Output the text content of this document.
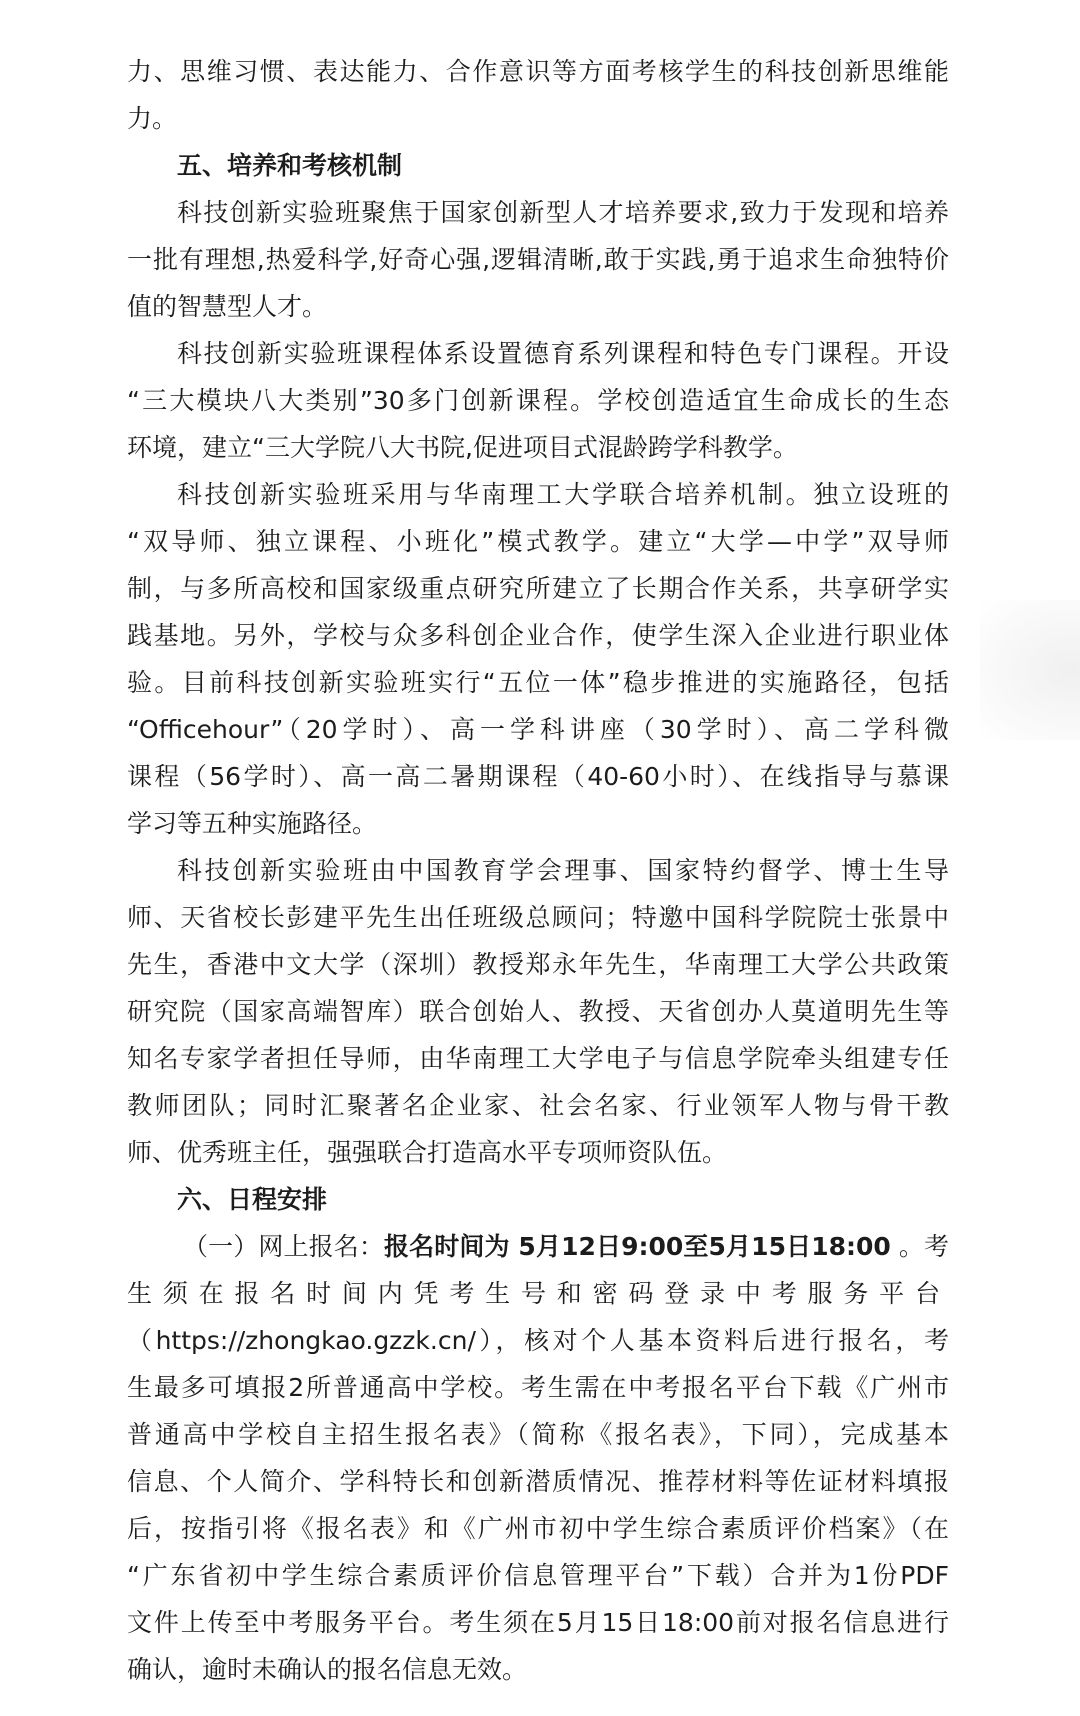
力、思维习惯、表达能力、合作意识等方面考核学生的科技创新思维能
力。
五、培养和考核机制
科技创新实验班聚焦于国家创新型人才培养要求,致力于发现和培养
一批有理想,热爱科学,好奇心强,逻辑清晰,敢于实践,勇于追求生命独特价
值的智慧型人才。
科技创新实验班课程体系设置德育系列课程和特色专门课程。开设
“三大模块八大类别”30多门创新课程。学校创造适宜生命成长的生态
环境，建立“三大学院八大书院,促进项目式混龄跨学科教学。
科技创新实验班采用与华南理工大学联合培养机制。独立设班的
“双导师、独立课程、小班化”模式教学。建立“大学—中学”双导师
制，与多所高校和国家级重点研究所建立了长期合作关系，共享研学实
践基地。另外，学校与众多科创企业合作，使学生深入企业进行职业体
验。目前科技创新实验班实行“五位一体”稳步推进的实施路径，包括
“Officehour”（20学时）、高一学科讲座（30学时）、高二学科微
课程（56学时）、高一高二暑期课程（40-60小时）、在线指导与慕课
学习等五种实施路径。
科技创新实验班由中国教育学会理事、国家特约督学、博士生导
师、天省校长彭建平先生出任班级总顾问；特邀中国科学院院士张景中
先生，香港中文大学（深圳）教授郑永年先生，华南理工大学公共政策
研究院（国家高端智库）联合创始人、教授、天省创办人莫道明先生等
知名专家学者担任导师，由华南理工大学电子与信息学院牵头组建专任
教师团队；同时汇聚著名企业家、社会名家、行业领军人物与骨干教
师、优秀班主任，强强联合打造高水平专项师资队伍。
六、日程安排
（一）网上报名：报名时间为 5月12日9:00至5月15日18:00 。考
生须在报名时间内凭考生号和密码登录中考服务平台
（https://zhongkao.gzzk.cn/），核对个人基本资料后进行报名，考
生最多可填报2所普通高中学校。考生需在中考报名平台下载《广州市
普通高中学校自主招生报名表》（简称《报名表》，下同），完成基本
信息、个人简介、学科特长和创新潜质情况、推荐材料等佐证材料填报
后，按指引将《报名表》和《广州市初中学生综合素质评价档案》（在
“广东省初中学生综合素质评价信息管理平台”下载）合并为1份PDF
文件上传至中考服务平台。考生须在5月15日18:00前对报名信息进行
确认，逾时未确认的报名信息无效。
